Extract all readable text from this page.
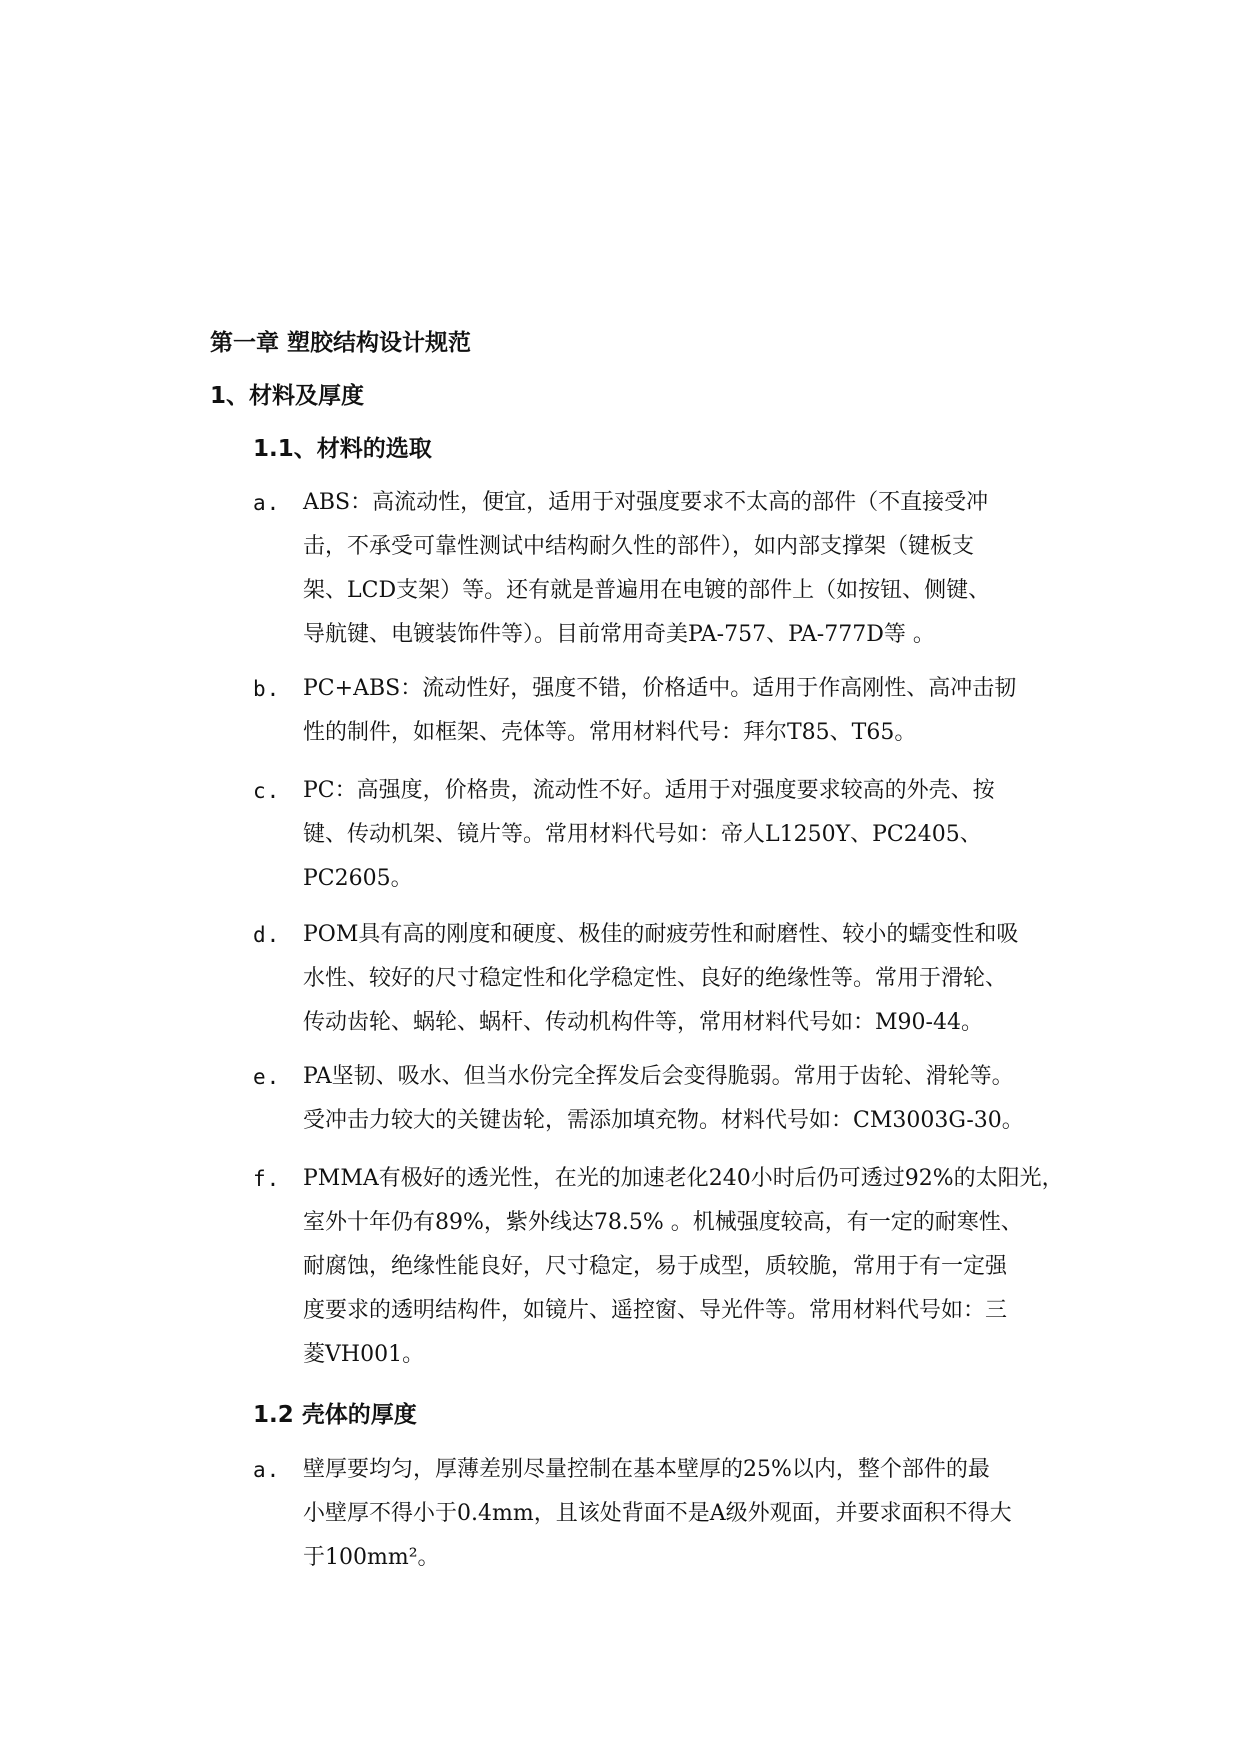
第一章 塑胶结构设计规范
1、材料及厚度
1.1、材料的选取
a. ABS：高流动性，便宜，适用于对强度要求不太高的部件（不直接受冲

击，不承受可靠性测试中结构耐久性的部件），如内部支撑架（键板支

架、LCD支架）等。还有就是普遍用在电镀的部件上（如按钮、侧键、

导航键、电镀装饰件等）。目前常用奇美PA-757、PA-777D等 。

b. PC+ABS：流动性好，强度不错，价格适中。适用于作高刚性、高冲击韧

性的制件，如框架、壳体等。常用材料代号：拜尔T85、T65。

c. PC：高强度，价格贵，流动性不好。适用于对强度要求较高的外壳、按

键、传动机架、镜片等。常用材料代号如：帝人L1250Y、PC2405、

PC2605。

d. POM具有高的刚度和硬度、极佳的耐疲劳性和耐磨性、较小的蠕变性和吸

水性、较好的尺寸稳定性和化学稳定性、良好的绝缘性等。常用于滑轮、

传动齿轮、蜗轮、蜗杆、传动机构件等，常用材料代号如：M90-44。

e. PA坚韧、吸水、但当水份完全挥发后会变得脆弱。常用于齿轮、滑轮等。

受冲击力较大的关键齿轮，需添加填充物。材料代号如：CM3003G-30。

f. PMMA有极好的透光性，在光的加速老化240小时后仍可透过92%的太阳光，

室外十年仍有89%，紫外线达78.5% 。机械强度较高，有一定的耐寒性、

耐腐蚀，绝缘性能良好，尺寸稳定，易于成型，质较脆，常用于有一定强

度要求的透明结构件，如镜片、遥控窗、导光件等。常用材料代号如：三

菱VH001。

1.2 壳体的厚度
a. 壁厚要均匀，厚薄差别尽量控制在基本壁厚的25%以内，整个部件的最

小壁厚不得小于0.4mm，且该处背面不是A级外观面，并要求面积不得大

于100mm²。
